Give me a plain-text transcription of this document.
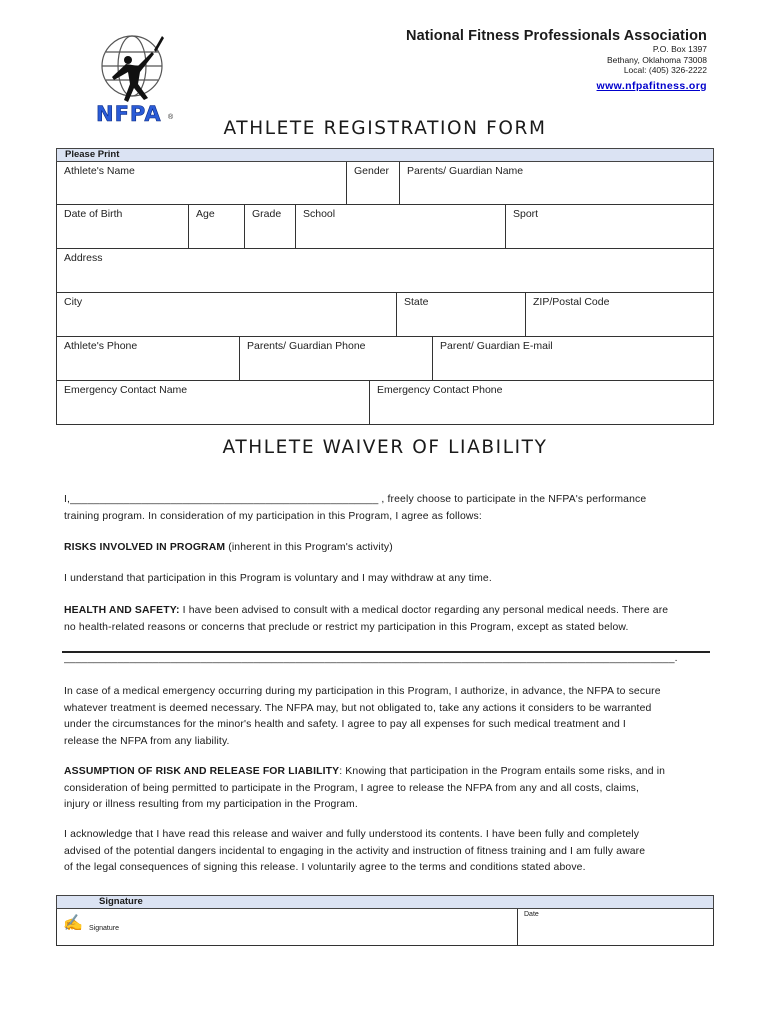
NFPA ®
National Fitness Professionals Association
P.O. Box 1397
Bethany, Oklahoma 73008
Local: (405) 326-2222
www.nfpafitness.org
ATHLETE REGISTRATION FORM
Please Print
Athlete's Name	Gender	Parents/ Guardian Name
Date of Birth	Age	Grade	School	Sport
Address
City	State	ZIP/Postal Code
Athlete's Phone	Parents/ Guardian Phone	Parent/ Guardian E-mail
Emergency Contact Name	Emergency Contact Phone
ATHLETE WAIVER OF LIABILITY
I,____________________________________________________ , freely choose to participate in the NFPA's performance
training program. In consideration of my participation in this Program, I agree as follows:
RISKS INVOLVED IN PROGRAM (inherent in this Program's activity)
I understand that participation in this Program is voluntary and I may withdraw at any time.
HEALTH AND SAFETY: I have been advised to consult with a medical doctor regarding any personal medical needs. There are
no health-related reasons or concerns that preclude or restrict my participation in this Program, except as stated below.
_______________________________________________________________________________________________________.
In case of a medical emergency occurring during my participation in this Program, I authorize, in advance, the NFPA to secure
whatever treatment is deemed necessary. The NFPA may, but not obligated to, take any actions it considers to be warranted
under the circumstances for the minor's health and safety. I agree to pay all expenses for such medical treatment and I
release the NFPA from any liability.
ASSUMPTION OF RISK AND RELEASE FOR LIABILITY: Knowing that participation in the Program entails some risks, and in
consideration of being permitted to participate in the Program, I agree to release the NFPA from any and all costs, claims,
injury or illness resulting from my participation in the Program.
I acknowledge that I have read this release and waiver and fully understood its contents. I have been fully and completely
advised of the potential dangers incidental to engaging in the activity and instruction of fitness training and I am fully aware
of the legal consequences of signing this release. I voluntarily agree to the terms and conditions stated above.
Signature
✍ Signature
Date
